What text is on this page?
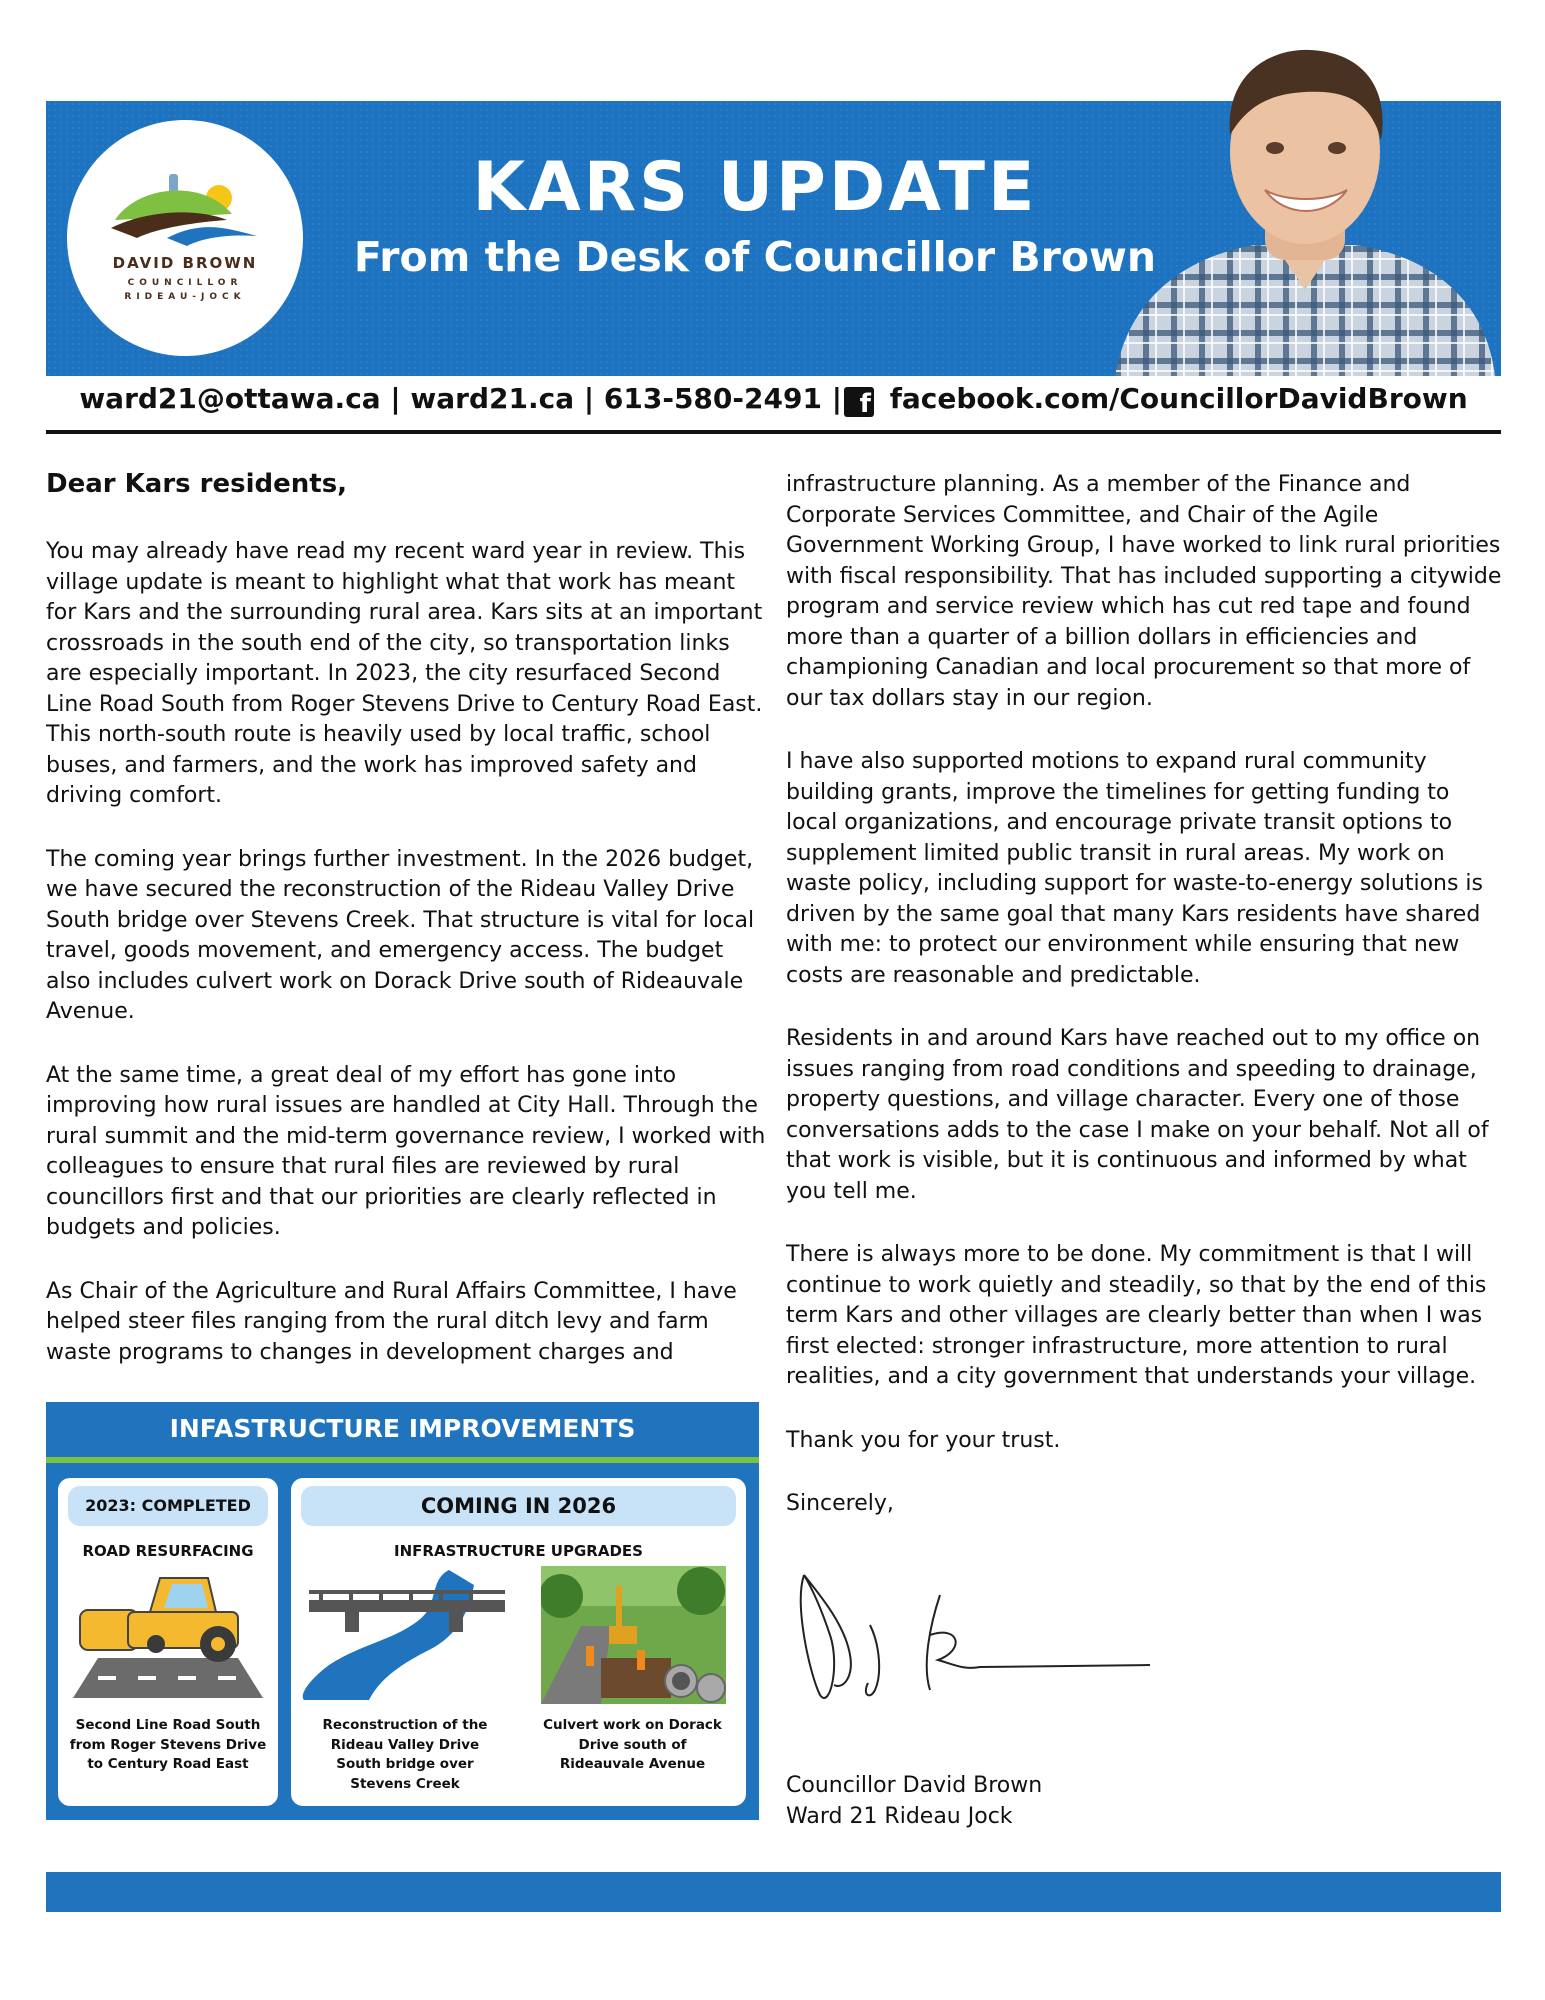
DAVID BROWN
COUNCILLOR
RIDEAU-JOCK
KARS UPDATE
From the Desk of Councillor Brown
ward21@ottawa.ca | ward21.ca | 613-580-2491 | f facebook.com/CouncillorDavidBrown

Dear Kars residents,

You may already have read my recent ward year in review. This village update is meant to highlight what that work has meant for Kars and the surrounding rural area. Kars sits at an important crossroads in the south end of the city, so transportation links are especially important. In 2023, the city resurfaced Second Line Road South from Roger Stevens Drive to Century Road East. This north-south route is heavily used by local traffic, school buses, and farmers, and the work has improved safety and driving comfort.

The coming year brings further investment. In the 2026 budget, we have secured the reconstruction of the Rideau Valley Drive South bridge over Stevens Creek. That structure is vital for local travel, goods movement, and emergency access. The budget also includes culvert work on Dorack Drive south of Rideauvale Avenue.

At the same time, a great deal of my effort has gone into improving how rural issues are handled at City Hall. Through the rural summit and the mid-term governance review, I worked with colleagues to ensure that rural files are reviewed by rural councillors first and that our priorities are clearly reflected in budgets and policies.

As Chair of the Agriculture and Rural Affairs Committee, I have helped steer files ranging from the rural ditch levy and farm waste programs to changes in development charges and

infrastructure planning. As a member of the Finance and Corporate Services Committee, and Chair of the Agile Government Working Group, I have worked to link rural priorities with fiscal responsibility. That has included supporting a citywide program and service review which has cut red tape and found more than a quarter of a billion dollars in efficiencies and championing Canadian and local procurement so that more of our tax dollars stay in our region.

I have also supported motions to expand rural community building grants, improve the timelines for getting funding to local organizations, and encourage private transit options to supplement limited public transit in rural areas. My work on waste policy, including support for waste-to-energy solutions is driven by the same goal that many Kars residents have shared with me: to protect our environment while ensuring that new costs are reasonable and predictable.

Residents in and around Kars have reached out to my office on issues ranging from road conditions and speeding to drainage, property questions, and village character. Every one of those conversations adds to the case I make on your behalf. Not all of that work is visible, but it is continuous and informed by what you tell me.

There is always more to be done. My commitment is that I will continue to work quietly and steadily, so that by the end of this term Kars and other villages are clearly better than when I was first elected: stronger infrastructure, more attention to rural realities, and a city government that understands your village.

Thank you for your trust.

Sincerely,

INFASTRUCTURE IMPROVEMENTS
2023: COMPLETED
ROAD RESURFACING
Second Line Road South
from Roger Stevens Drive
to Century Road East
COMING IN 2026
INFRASTRUCTURE UPGRADES
Reconstruction of the
Rideau Valley Drive
South bridge over
Stevens Creek
Culvert work on Dorack
Drive south of
Rideauvale Avenue
Councillor David Brown
Ward 21 Rideau Jock
